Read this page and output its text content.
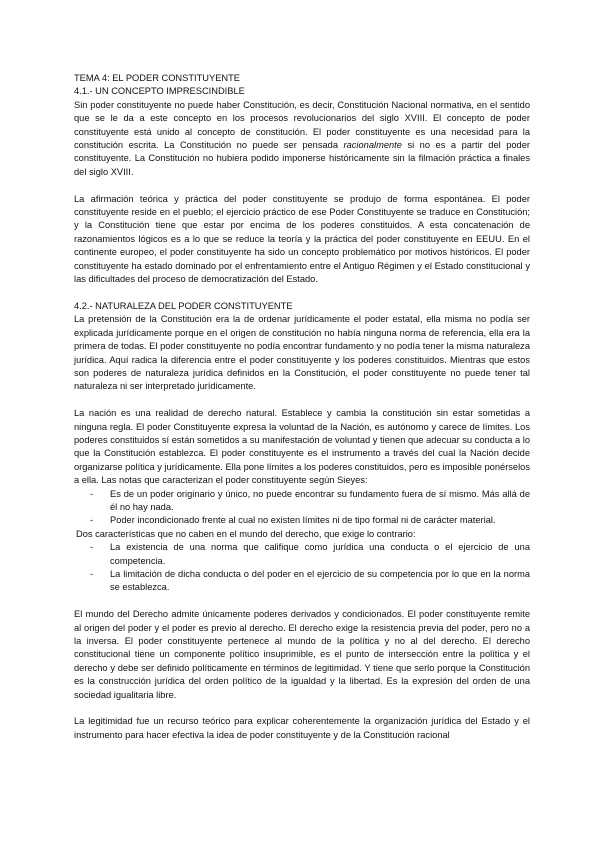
TEMA 4: EL PODER CONSTITUYENTE

4.1.- UN CONCEPTO IMPRESCINDIBLE

Sin poder constituyente no puede haber Constitución, es decir, Constitución Nacional normativa, en el sentido que se le da a este concepto en los procesos revolucionarios del siglo XVIII. El concepto de poder constituyente está unido al concepto de constitución. El poder constituyente es una necesidad para la constitución escrita. La Constitución no puede ser pensada racionalmente si no es a partir del poder constituyente. La Constitución no hubiera podido imponerse históricamente sin la filmación práctica a finales del siglo XVIII.

La afirmación teórica y práctica del poder constituyente se produjo de forma espontánea. El poder constituyente reside en el pueblo; el ejercicio práctico de ese Poder Constituyente se traduce en Constitución; y la Constitución tiene que estar por encima de los poderes constituidos. A esta concatenación de razonamientos lógicos es a lo que se reduce la teoría y la práctica del poder constituyente en EEUU. En el continente europeo, el poder constituyente ha sido un concepto problemático por motivos históricos. El poder constituyente ha estado dominado por el enfrentamiento entre el Antiguo Régimen y el Estado constitucional y las dificultades del proceso de democratización del Estado.

4.2.- NATURALEZA DEL PODER CONSTITUYENTE

La pretensión de la Constitución era la de ordenar jurídicamente el poder estatal, ella misma no podía ser explicada jurídicamente porque en el origen de constitución no había ninguna norma de referencia, ella era la primera de todas. El poder constituyente no podía encontrar fundamento y no podía tener la misma naturaleza jurídica. Aquí radica la diferencia entre el poder constituyente y los poderes constituidos. Mientras que estos son poderes de naturaleza jurídica definidos en la Constitución, el poder constituyente no puede tener tal naturaleza ni ser interpretado jurídicamente.

La nación es una realidad de derecho natural. Establece y cambia la constitución sin estar sometidas a ninguna regla. El poder Constituyente expresa la voluntad de la Nación, es autónomo y carece de límites. Los poderes constituidos sí están sometidos a su manifestación de voluntad y tienen que adecuar su conducta a lo que la Constitución establezca. El poder constituyente es el instrumento a través del cual la Nación decide organizarse política y jurídicamente. Ella pone límites a los poderes constituidos, pero es imposible ponérselos a ella. Las notas que caracterizan el poder constituyente según Sieyes:

- Es de un poder originario y único, no puede encontrar su fundamento fuera de sí mismo. Más allá de él no hay nada.
- Poder incondicionado frente al cual no existen límites ni de tipo formal ni de carácter material.

Dos características que no caben en el mundo del derecho, que exige lo contrario:

- La existencia de una norma que califique como jurídica una conducta o el ejercicio de una competencia.
- La limitación de dicha conducta o del poder en el ejercicio de su competencia por lo que en la norma se establezca.

El mundo del Derecho admite únicamente poderes derivados y condicionados. El poder constituyente remite al origen del poder y el poder es previo al derecho. El derecho exige la resistencia previa del poder, pero no a la inversa. El poder constituyente pertenece al mundo de la política y no al del derecho. El derecho constitucional tiene un componente político insuprimible, es el punto de intersección entre la política y el derecho y debe ser definido políticamente en términos de legitimidad. Y tiene que serlo porque la Constitución es la construcción jurídica del orden político de la igualdad y la libertad. Es la expresión del orden de una sociedad igualitaria libre.

La legitimidad fue un recurso teórico para explicar coherentemente la organización jurídica del Estado y el instrumento para hacer efectiva la idea de poder constituyente y de la Constitución racional
